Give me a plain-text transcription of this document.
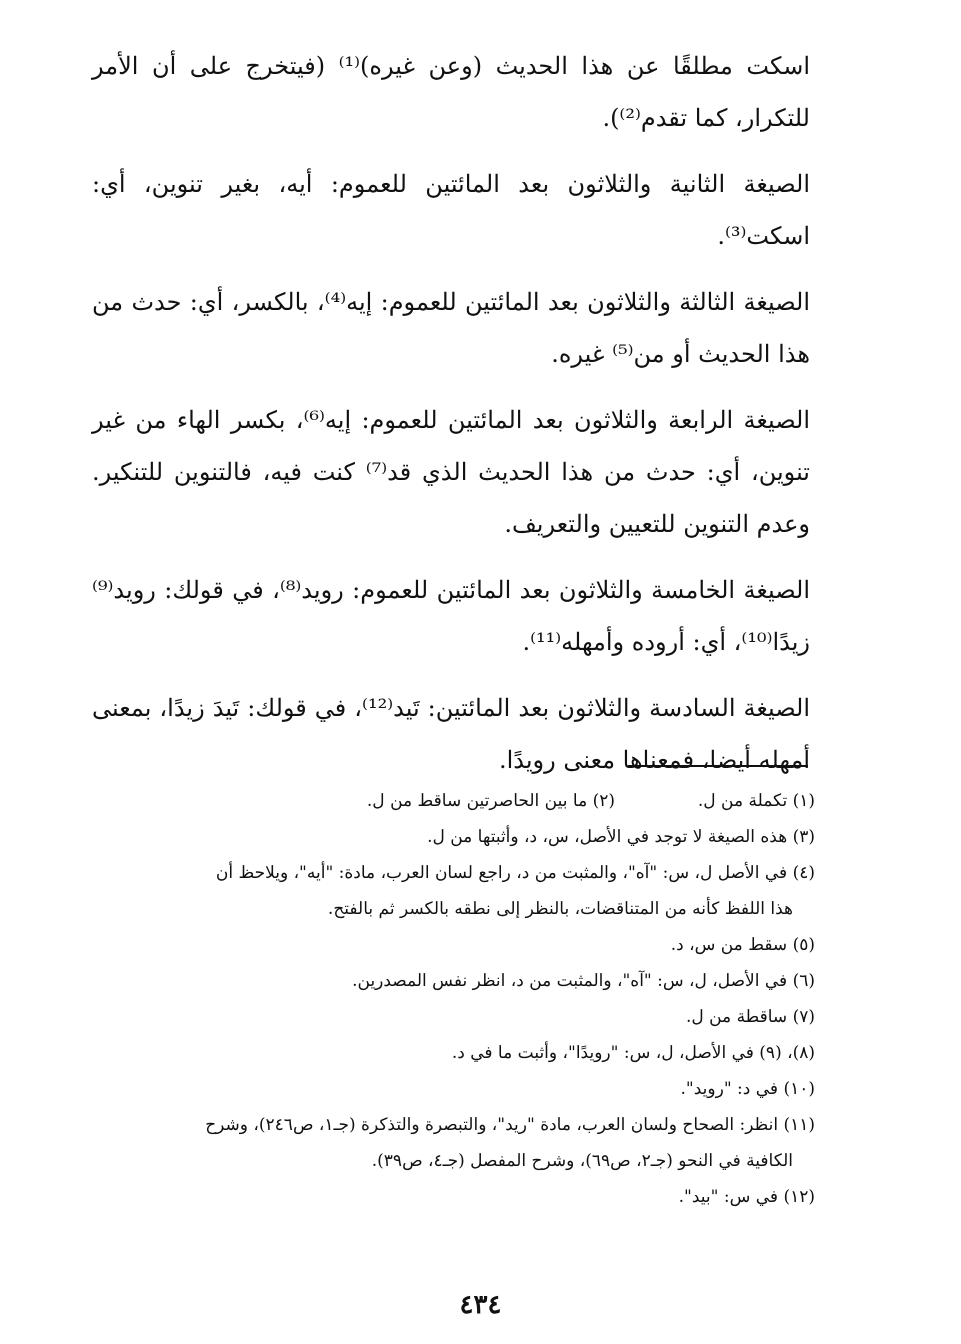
اسكت مطلقًا عن هذا الحديث (وعن غيره)⁽¹⁾ (فيتخرج على أن الأمر للتكرار، كما تقدم⁽²⁾).

الصيغة الثانية والثلاثون بعد المائتين للعموم: أيه، بغير تنوين، أي: اسكت⁽³⁾.

الصيغة الثالثة والثلاثون بعد المائتين للعموم: إيه⁽⁴⁾، بالكسر، أي: حدث من هذا الحديث أو من⁽⁵⁾ غيره.

الصيغة الرابعة والثلاثون بعد المائتين للعموم: إيه⁽⁶⁾، بكسر الهاء من غير تنوين، أي: حدث من هذا الحديث الذي قد⁽⁷⁾ كنت فيه، فالتنوين للتنكير. وعدم التنوين للتعيين والتعريف.

الصيغة الخامسة والثلاثون بعد المائتين للعموم: رويد⁽⁸⁾، في قولك: رويد⁽⁹⁾ زيدًا⁽¹⁰⁾، أي: أروده وأمهله⁽¹¹⁾.

الصيغة السادسة والثلاثون بعد المائتين: تَيد⁽¹²⁾، في قولك: تَيدَ زيدًا، بمعنى أمهله أيضا، فمعناها معنى رويدًا.

(١) تكملة من ل.
(٢) ما بين الحاصرتين ساقط من ل.

(٣) هذه الصيغة لا توجد في الأصل، س، د، وأثبتها من ل.

(٤) في الأصل ل، س: "آه"، والمثبت من د، راجع لسان العرب، مادة: "أيه"، ويلاحظ أن

هذا اللفظ كأنه من المتناقضات، بالنظر إلى نطقه بالكسر ثم بالفتح.

(٥) سقط من س، د.

(٦) في الأصل، ل، س: "آه"، والمثبت من د، انظر نفس المصدرين.

(٧) ساقطة من ل.

(٨)، (٩) في الأصل، ل، س: "رويدًا"، وأثبت ما في د.

(١٠) في د: "رويد".

(١١) انظر: الصحاح ولسان العرب، مادة "ريد"، والتبصرة والتذكرة (جـ١، ص٢٤٦)، وشرح

الكافية في النحو (جـ٢، ص٦٩)، وشرح المفصل (جـ٤، ص٣٩).

(١٢) في س: "بيد".

٤٣٤
